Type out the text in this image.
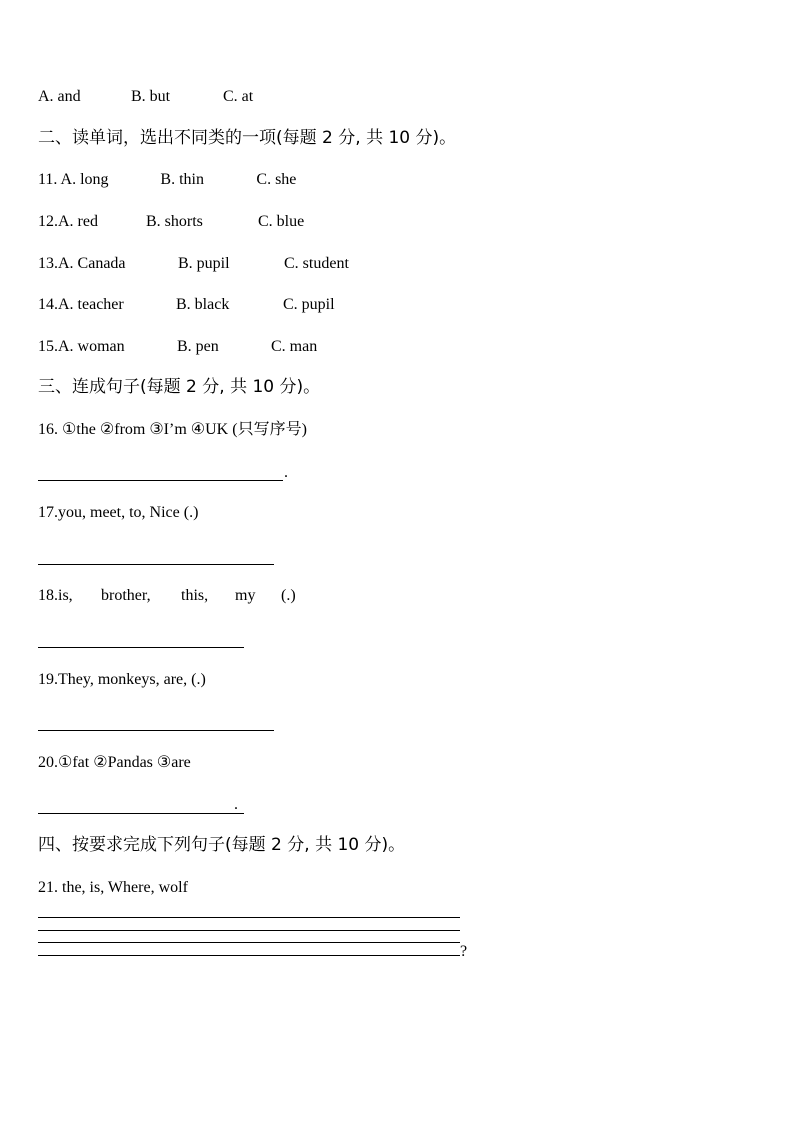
A. and	B. but	C. at
二、读单词，选出不同类的一项(每题 2 分, 共 10 分)。
11. A. long	B. thin	C. she
12.A. red	B. shorts	C. blue
13.A. Canada	B. pupil	C. student
14.A. teacher	B. black	C. pupil
15.A. woman	B. pen	C. man
三、连成句子(每题 2 分, 共 10 分)。
16. ①the ②from ③I’m ④UK (只写序号)
.
17.you, meet, to, Nice (.)
18.is, brother, this, my (.)
19.They, monkeys, are, (.)
20.①fat ②Pandas ③are
.
四、按要求完成下列句子(每题 2 分, 共 10 分)。
21. the, is, Where, wolf
?
